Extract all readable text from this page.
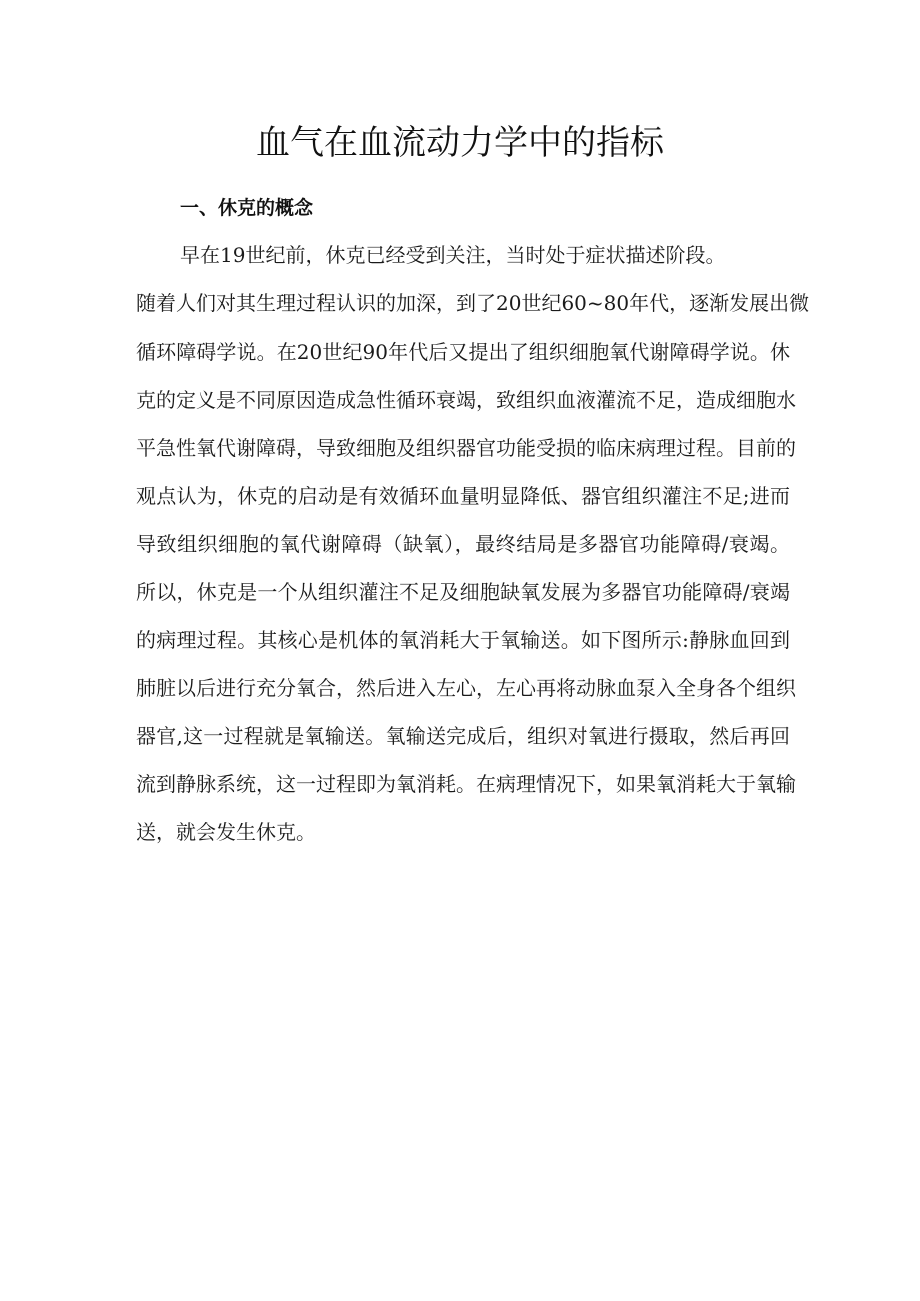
血气在血流动力学中的指标
一、休克的概念

早在19世纪前，休克已经受到关注，当时处于症状描述阶段。

随着人们对其生理过程认识的加深，到了20世纪60~80年代，逐渐发展出微

循环障碍学说。在20世纪90年代后又提出了组织细胞氧代谢障碍学说。休

克的定义是不同原因造成急性循环衰竭，致组织血液灌流不足，造成细胞水

平急性氧代谢障碍，导致细胞及组织器官功能受损的临床病理过程。目前的

观点认为，休克的启动是有效循环血量明显降低、器官组织灌注不足;进而

导致组织细胞的氧代谢障碍（缺氧），最终结局是多器官功能障碍/衰竭。

所以，休克是一个从组织灌注不足及细胞缺氧发展为多器官功能障碍/衰竭

的病理过程。其核心是机体的氧消耗大于氧输送。如下图所示:静脉血回到

肺脏以后进行充分氧合，然后进入左心，左心再将动脉血泵入全身各个组织

器官,这一过程就是氧输送。氧输送完成后，组织对氧进行摄取，然后再回

流到静脉系统，这一过程即为氧消耗。在病理情况下，如果氧消耗大于氧输

送，就会发生休克。
